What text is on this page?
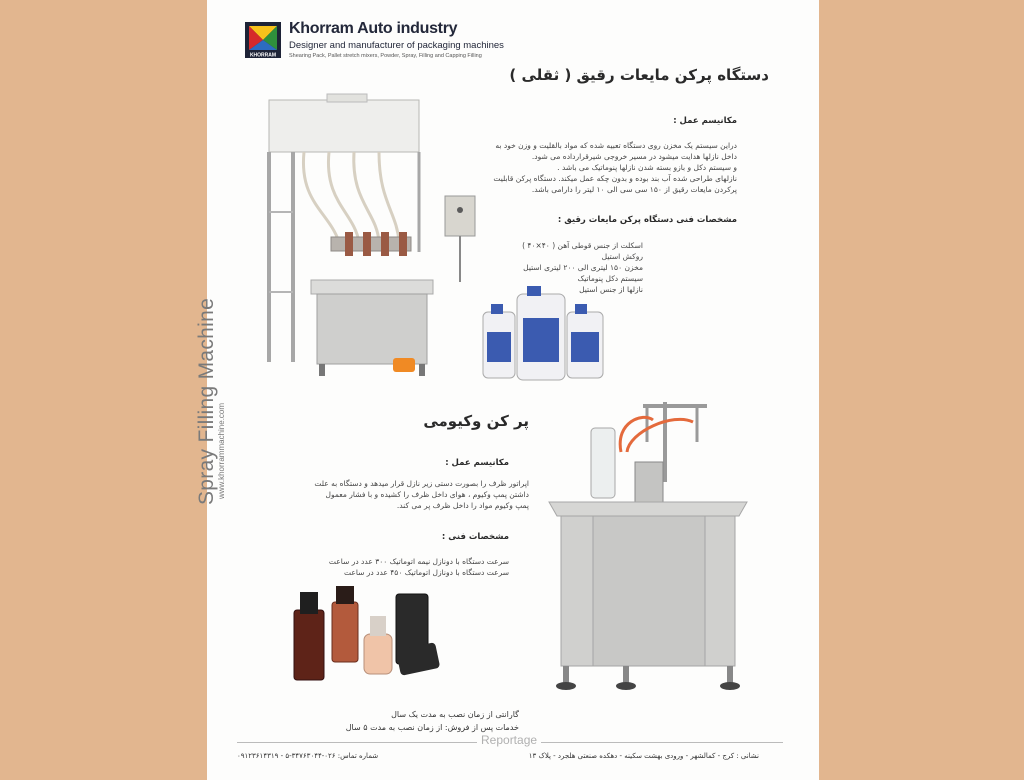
KHORRAM
Khorram Auto industry
Designer and manufacturer of packaging machines
Shearing Pack, Pallet stretch mixers, Powder, Spray, Filling and Capping Filling
دستگاه پرکن مایعات رقیق ( ثقلی )
مکانیسم عمل :
دراین سیستم یک مخزن روی دستگاه تعبیه شده که مواد بالقلیت و وزن خود به
داخل نازلها هدایت میشود در مسیر خروجی شیرقرارداده می شود.
و سیستم دکل و بازو بسته شدن نازلها پنوماتیک می باشد .
نازلهای طراحی شده آب بند بوده و بدون چکه عمل میکند. دستگاه پرکن قابلیت
پرکردن مایعات رقیق از ۱۵۰ سی سی الی ۱۰ لیتر را دارامی باشد.
مشخصات فنی دستگاه پرکن مایعات رقیق :
اسکلت از جنس قوطی آهن ( ۴۰×۴۰ )
روکش استیل
مخزن ۱۵۰ لیتری الی ۲۰۰ لیتری استیل
سیستم دکل پنوماتیک
نازلها از جنس استیل
پر کن وکیومی
مکانیسم عمل :
اپراتور ظرف را بصورت دستی زیر نازل قرار میدهد و دستگاه به علت
داشتن پمپ وکیوم ، هوای داخل ظرف را کشیده و با فشار معمول
پمپ وکیوم مواد را داخل ظرف پر می کند.
مشخصات فنی :
سرعت دستگاه با دونازل نیمه اتوماتیک ۳۰۰ عدد در ساعت
سرعت دستگاه با دونازل اتوماتیک ۴۵۰ عدد در ساعت
گارانتی از زمان نصب به مدت یک سال
خدمات پس از فروش: از زمان نصب به مدت ۵ سال
Spray Filling Machine www.khorrammachine.com
Reportage
شماره تماس: ۰۲۶-۳۴۷۶۳۰۴۴-۵ - ۰۹۱۲۳۶۱۴۳۱۹	نشانی : کرج - کمالشهر - ورودی بهشت سکینه - دهکده صنعتی هلجرد - پلاک ۱۳
